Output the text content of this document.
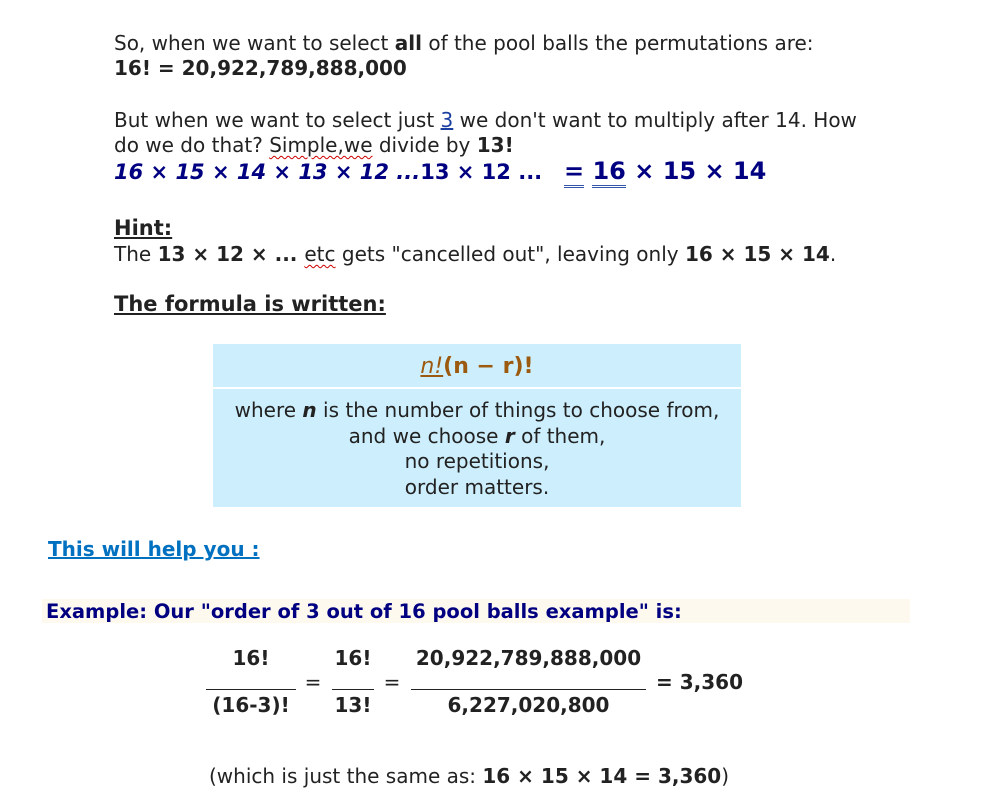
So, when we want to select all of the pool balls the permutations are:
16! = 20,922,789,888,000
But when we want to select just 3 we don't want to multiply after 14. How
do we do that? Simple,we divide by 13!
16 × 15 × 14 × 13 × 12 ...13 × 12 ... = 16 × 15 × 14
Hint:
The 13 × 12 × ... etc gets "cancelled out", leaving only 16 × 15 × 14.
The formula is written:
n!(n − r)!
where n is the number of things to choose from,
and we choose r of them,
no repetitions,
order matters.
This will help you :
Example: Our "order of 3 out of 16 pool balls example" is:
16!
(16-3)!
=
16!
13!
=
20,922,789,888,000
6,227,020,800
= 3,360
(which is just the same as: 16 × 15 × 14 = 3,360)
